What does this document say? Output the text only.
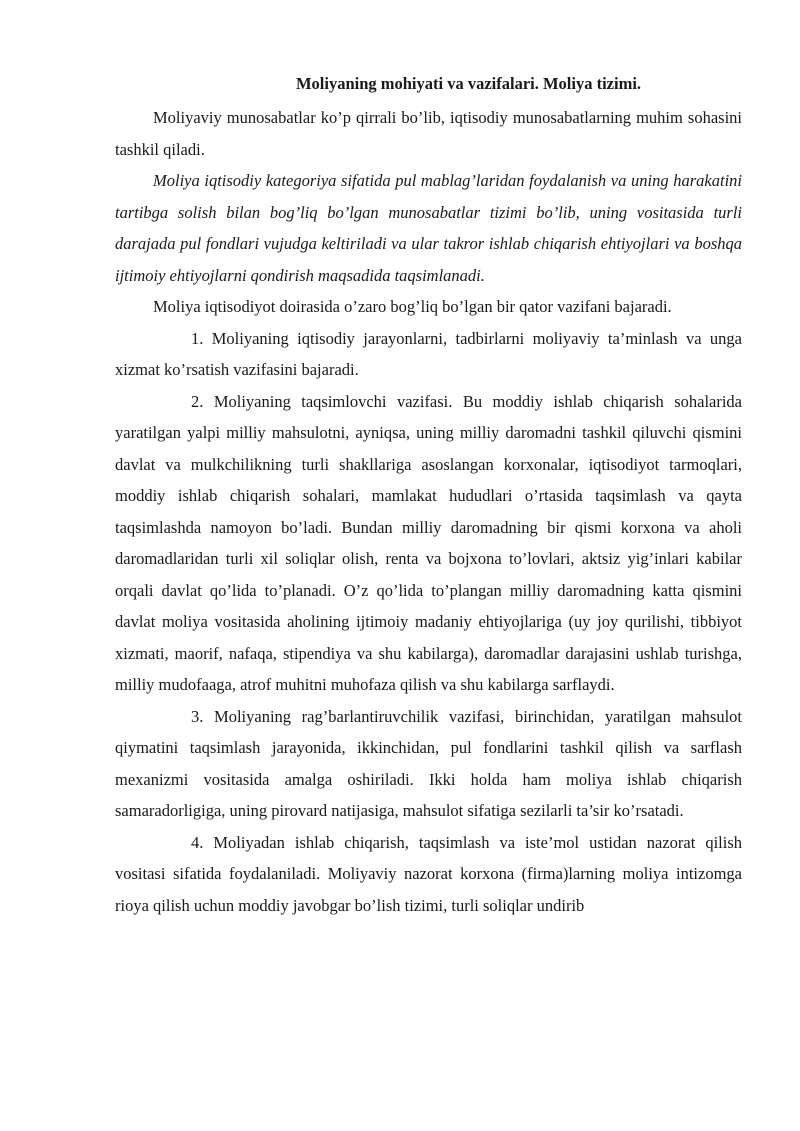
Moliyaning mohiyati va vazifalari. Moliya tizimi.

Moliyaviy munosabatlar ko’p qirrali bo’lib, iqtisodiy munosabatlarning muhim sohasini tashkil qiladi.

Moliya iqtisodiy kategoriya sifatida pul mablag’laridan foydalanish va uning harakatini tartibga solish bilan bog’liq bo’lgan munosabatlar tizimi bo’lib, uning vositasida turli darajada pul fondlari vujudga keltiriladi va ular takror ishlab chiqarish ehtiyojlari va boshqa ijtimoiy ehtiyojlarni qondirish maqsadida taqsimlanadi.

Moliya iqtisodiyot doirasida o’zaro bog’liq bo’lgan bir qator vazifani bajaradi.

1. Moliyaning iqtisodiy jarayonlarni, tadbirlarni moliyaviy ta’minlash va unga xizmat ko’rsatish vazifasini bajaradi.

2. Moliyaning taqsimlovchi vazifasi. Bu moddiy ishlab chiqarish sohalarida yaratilgan yalpi milliy mahsulotni, ayniqsa, uning milliy daromadni tashkil qiluvchi qismini davlat va mulkchilikning turli shakllariga asoslangan korxonalar, iqtisodiyot tarmoqlari, moddiy ishlab chiqarish sohalari, mamlakat hududlari o’rtasida taqsimlash va qayta taqsimlashda namoyon bo’ladi. Bundan milliy daromadning bir qismi korxona va aholi daromadlaridan turli xil soliqlar olish, renta va bojxona to’lovlari, aktsiz yig’inlari kabilar orqali davlat qo’lida to’planadi. O’z qo’lida to’plangan milliy daromadning katta qismini davlat moliya vositasida aholining ijtimoiy madaniy ehtiyojlariga (uy joy qurilishi, tibbiyot xizmati, maorif, nafaqa, stipendiya va shu kabilarga), daromadlar darajasini ushlab turishga, milliy mudofaaga, atrof muhitni muhofaza qilish va shu kabilarga sarflaydi.

3. Moliyaning rag’barlantiruvchilik vazifasi, birinchidan, yaratilgan mahsulot qiymatini taqsimlash jarayonida, ikkinchidan, pul fondlarini tashkil qilish va sarflash mexanizmi vositasida amalga oshiriladi. Ikki holda ham moliya ishlab chiqarish samaradorligiga, uning pirovard natijasiga, mahsulot sifatiga sezilarli ta’sir ko’rsatadi.

4. Moliyadan ishlab chiqarish, taqsimlash va iste’mol ustidan nazorat qilish vositasi sifatida foydalaniladi. Moliyaviy nazorat korxona (firma)larning moliya intizomga rioya qilish uchun moddiy javobgar bo’lish tizimi, turli soliqlar undirib
